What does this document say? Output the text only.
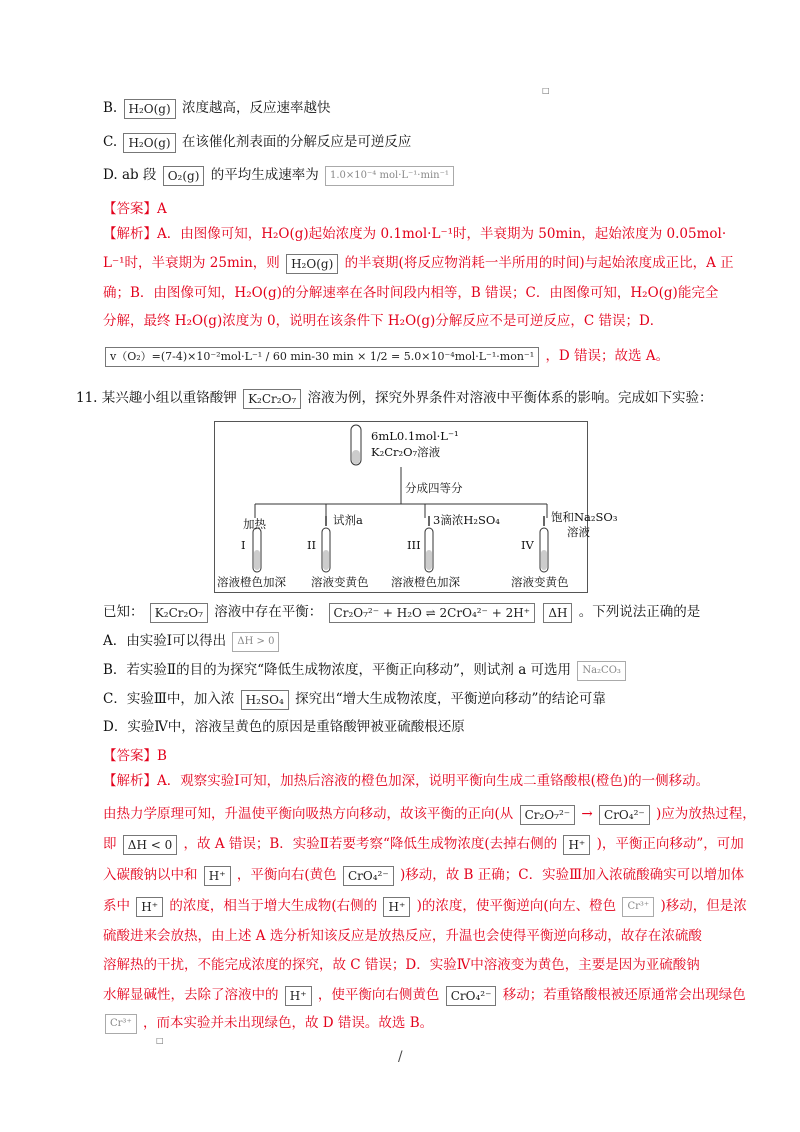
□
B. H₂O(g) 浓度越高，反应速率越快
C. H₂O(g) 在该催化剂表面的分解反应是可逆反应
D. ab 段 O₂(g) 的平均生成速率为 1.0×10⁻⁴ mol·L⁻¹·min⁻¹
【答案】A
【解析】A．由图像可知，H₂O(g)起始浓度为 0.1mol·L⁻¹时，半衰期为 50min，起始浓度为 0.05mol·
L⁻¹时，半衰期为 25min，则 H₂O(g) 的半衰期(将反应物消耗一半所用的时间)与起始浓度成正比，A 正
确；B．由图像可知，H₂O(g)的分解速率在各时间段内相等，B 错误；C．由图像可知，H₂O(g)能完全
分解，最终 H₂O(g)浓度为 0，说明在该条件下 H₂O(g)分解反应不是可逆反应，C 错误；D．
v（O₂）=(7-4)×10⁻²mol·L⁻¹ / 60 min-30 min × 1/2 = 5.0×10⁻⁴mol·L⁻¹·mon⁻¹ ，D 错误；故选 A。
11. 某兴趣小组以重铬酸钾 K₂Cr₂O₇ 溶液为例，探究外界条件对溶液中平衡体系的影响。完成如下实验：
6mL0.1mol·L⁻¹
K₂Cr₂O₇溶液
分成四等分
加热	试剂a	3滴浓H₂SO₄	饱和Na₂SO₃
溶液
I	II	III	IV
溶液橙色加深 溶液变黄色 溶液橙色加深	溶液变黄色
已知： K₂Cr₂O₇ 溶液中存在平衡： Cr₂O₇²⁻ + H₂O ⇌ 2CrO₄²⁻ + 2H⁺ ΔH 。下列说法正确的是
A．由实验Ⅰ可以得出 ΔH > 0
B．若实验Ⅱ的目的为探究“降低生成物浓度，平衡正向移动”，则试剂 a 可选用 Na₂CO₃
C．实验Ⅲ中，加入浓 H₂SO₄ 探究出“增大生成物浓度，平衡逆向移动”的结论可靠
D．实验Ⅳ中，溶液呈黄色的原因是重铬酸钾被亚硫酸根还原
【答案】B
【解析】A．观察实验Ⅰ可知，加热后溶液的橙色加深，说明平衡向生成二重铬酸根(橙色)的一侧移动。
由热力学原理可知，升温使平衡向吸热方向移动，故该平衡的正向(从 Cr₂O₇²⁻ → CrO₄²⁻ )应为放热过程，
即 ΔH < 0 ，故 A 错误；B．实验Ⅱ若要考察“降低生成物浓度(去掉右侧的 H⁺ )，平衡正向移动”，可加
入碳酸钠以中和 H⁺ ，平衡向右(黄色 CrO₄²⁻ )移动，故 B 正确；C．实验Ⅲ加入浓硫酸确实可以增加体
系中 H⁺ 的浓度，相当于增大生成物(右侧的 H⁺ )的浓度，使平衡逆向(向左、橙色 Cr³⁺ )移动，但是浓
硫酸进来会放热，由上述 A 选分析知该反应是放热反应，升温也会使得平衡逆向移动，故存在浓硫酸
溶解热的干扰，不能完成浓度的探究，故 C 错误；D．实验Ⅳ中溶液变为黄色，主要是因为亚硫酸钠
水解显碱性，去除了溶液中的 H⁺ ，使平衡向右侧黄色 CrO₄²⁻ 移动；若重铬酸根被还原通常会出现绿色
Cr³⁺ ，而本实验并未出现绿色，故 D 错误。故选 B。
□
/
